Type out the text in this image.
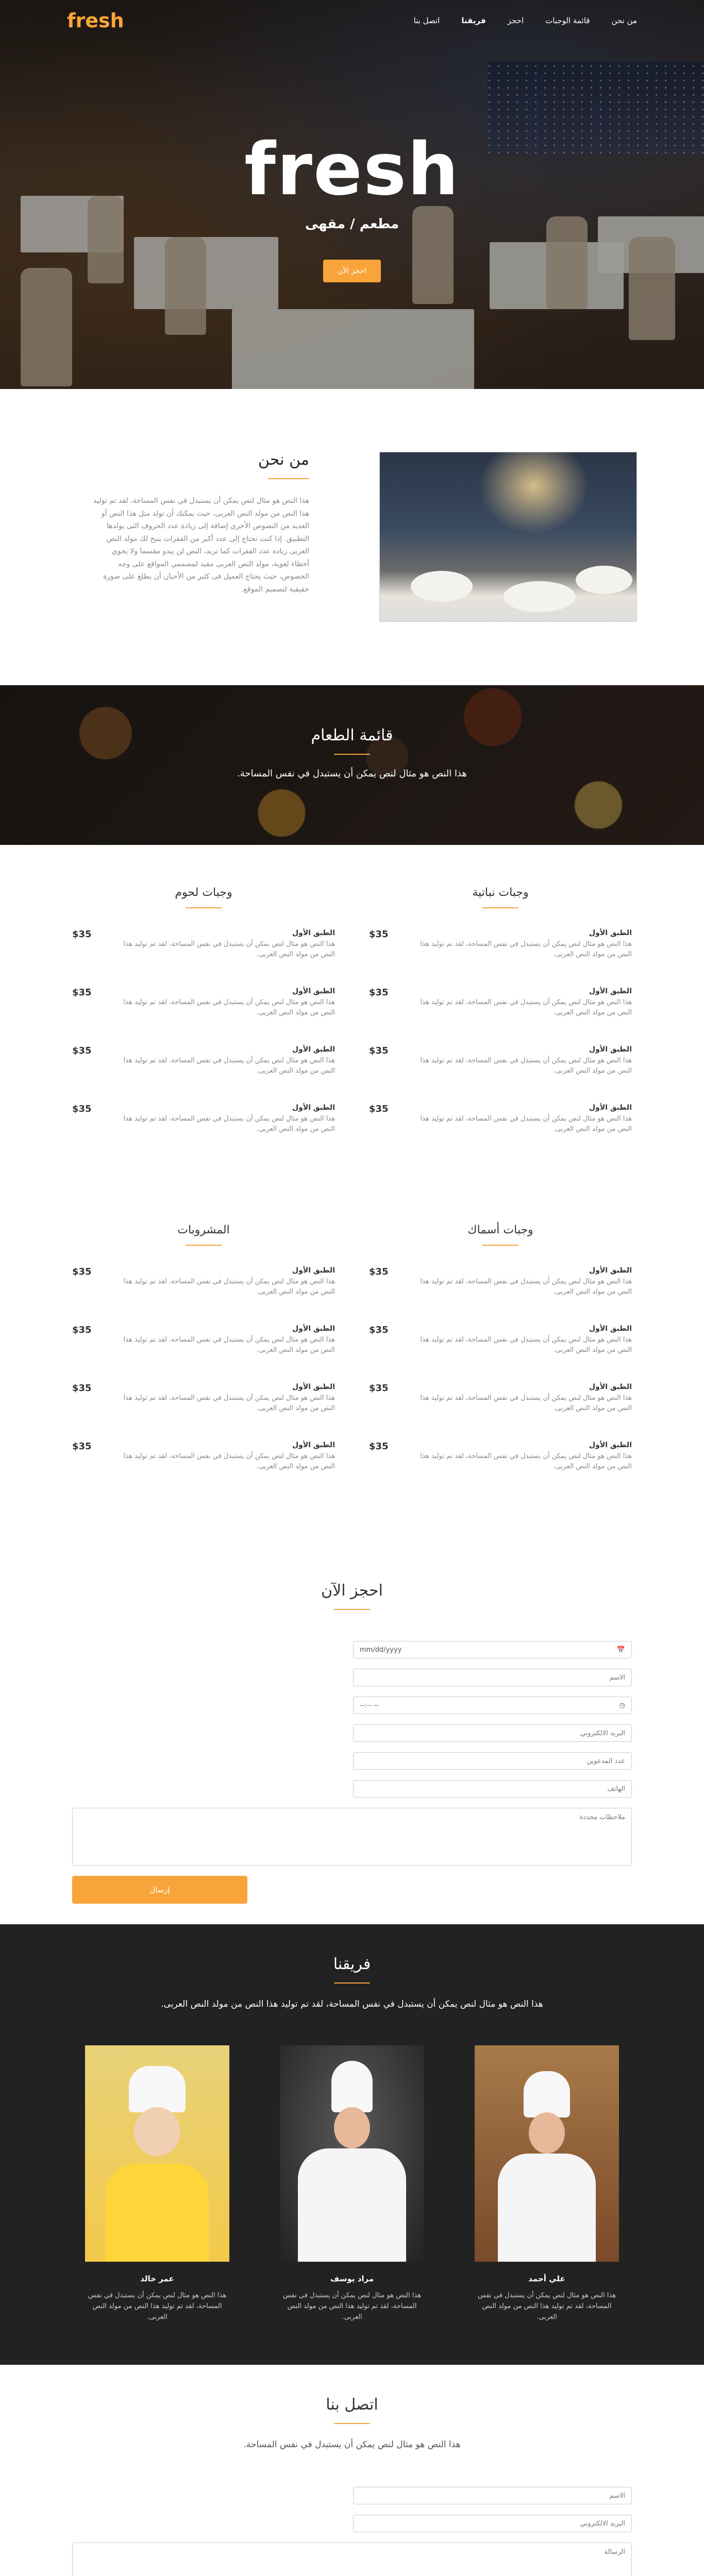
fresh	من نحن
قائمة الوجبات
احجز
فريقنا
اتصل بنا
fresh
مطعم / مقهى
احجز الآن
من نحن

هذا النص هو مثال لنص يمكن أن يستبدل في نفس المساحة، لقد تم توليد هذا النص من مولد النص العربى، حيث يمكنك أن تولد مثل هذا النص أو العديد من النصوص الأخرى إضافة إلى زيادة عدد الحروف التى يولدها التطبيق. إذا كنت تحتاج إلى عدد أكبر من الفقرات يتيح لك مولد النص العربى زيادة عدد الفقرات كما تريد، النص لن يبدو مقسما ولا يحوي أخطاء لغوية، مولد النص العربى مفيد لمصممي المواقع على وجه الخصوص، حيث يحتاج العميل فى كثير من الأحيان أن يطلع على صورة حقيقية لتصميم الموقع.

قائمة الطعام

هذا النص هو مثال لنص يمكن أن يستبدل في نفس المساحة.

وجبات نباتية
الطبق الأول
هذا النص هو مثال لنص يمكن أن يستبدل في نفس المساحة، لقد تم توليد هذا النص من مولد النص العربى.
$35
الطبق الأول
هذا النص هو مثال لنص يمكن أن يستبدل في نفس المساحة، لقد تم توليد هذا النص من مولد النص العربى.
$35
الطبق الأول
هذا النص هو مثال لنص يمكن أن يستبدل في نفس المساحة، لقد تم توليد هذا النص من مولد النص العربى.
$35
الطبق الأول
هذا النص هو مثال لنص يمكن أن يستبدل في نفس المساحة، لقد تم توليد هذا النص من مولد النص العربى.
$35
وجبات لحوم
الطبق الأول
هذا النص هو مثال لنص يمكن أن يستبدل في نفس المساحة، لقد تم توليد هذا النص من مولد النص العربى.
$35
الطبق الأول
هذا النص هو مثال لنص يمكن أن يستبدل في نفس المساحة، لقد تم توليد هذا النص من مولد النص العربى.
$35
الطبق الأول
هذا النص هو مثال لنص يمكن أن يستبدل في نفس المساحة، لقد تم توليد هذا النص من مولد النص العربى.
$35
الطبق الأول
هذا النص هو مثال لنص يمكن أن يستبدل في نفس المساحة، لقد تم توليد هذا النص من مولد النص العربى.
$35
وجبات أسماك
الطبق الأول
هذا النص هو مثال لنص يمكن أن يستبدل في نفس المساحة، لقد تم توليد هذا النص من مولد النص العربى.
$35
الطبق الأول
هذا النص هو مثال لنص يمكن أن يستبدل في نفس المساحة، لقد تم توليد هذا النص من مولد النص العربى.
$35
الطبق الأول
هذا النص هو مثال لنص يمكن أن يستبدل في نفس المساحة، لقد تم توليد هذا النص من مولد النص العربى.
$35
الطبق الأول
هذا النص هو مثال لنص يمكن أن يستبدل في نفس المساحة، لقد تم توليد هذا النص من مولد النص العربى.
$35
المشروبات
الطبق الأول
هذا النص هو مثال لنص يمكن أن يستبدل في نفس المساحة، لقد تم توليد هذا النص من مولد النص العربى.
$35
الطبق الأول
هذا النص هو مثال لنص يمكن أن يستبدل في نفس المساحة، لقد تم توليد هذا النص من مولد النص العربى.
$35
الطبق الأول
هذا النص هو مثال لنص يمكن أن يستبدل في نفس المساحة، لقد تم توليد هذا النص من مولد النص العربى.
$35
الطبق الأول
هذا النص هو مثال لنص يمكن أن يستبدل في نفس المساحة، لقد تم توليد هذا النص من مولد النص العربى.
$35
احجز الآن
📅
mm/dd/yyyy
الاسم
◷
--:-- --
البريد الالكتروني
عدد المدعوين
الهاتف
ملاحظات محددة
إرسال
فريقنا
هذا النص هو مثال لنص يمكن أن يستبدل في نفس المساحة، لقد تم توليد هذا النص من مولد النص العربى.
علي أحمد
هذا النص هو مثال لنص يمكن أن يستبدل في نفس المساحة، لقد تم توليد هذا النص من مولد النص العربى.
مراد يوسف
هذا النص هو مثال لنص يمكن أن يستبدل في نفس المساحة، لقد تم توليد هذا النص من مولد النص العربى.
عمر خالد
هذا النص هو مثال لنص يمكن أن يستبدل في نفس المساحة، لقد تم توليد هذا النص من مولد النص العربى.
اتصل بنا
هذا النص هو مثال لنص يمكن أن يستبدل في نفس المساحة.
الاسم
البريد الالكتروني
الرسالة
